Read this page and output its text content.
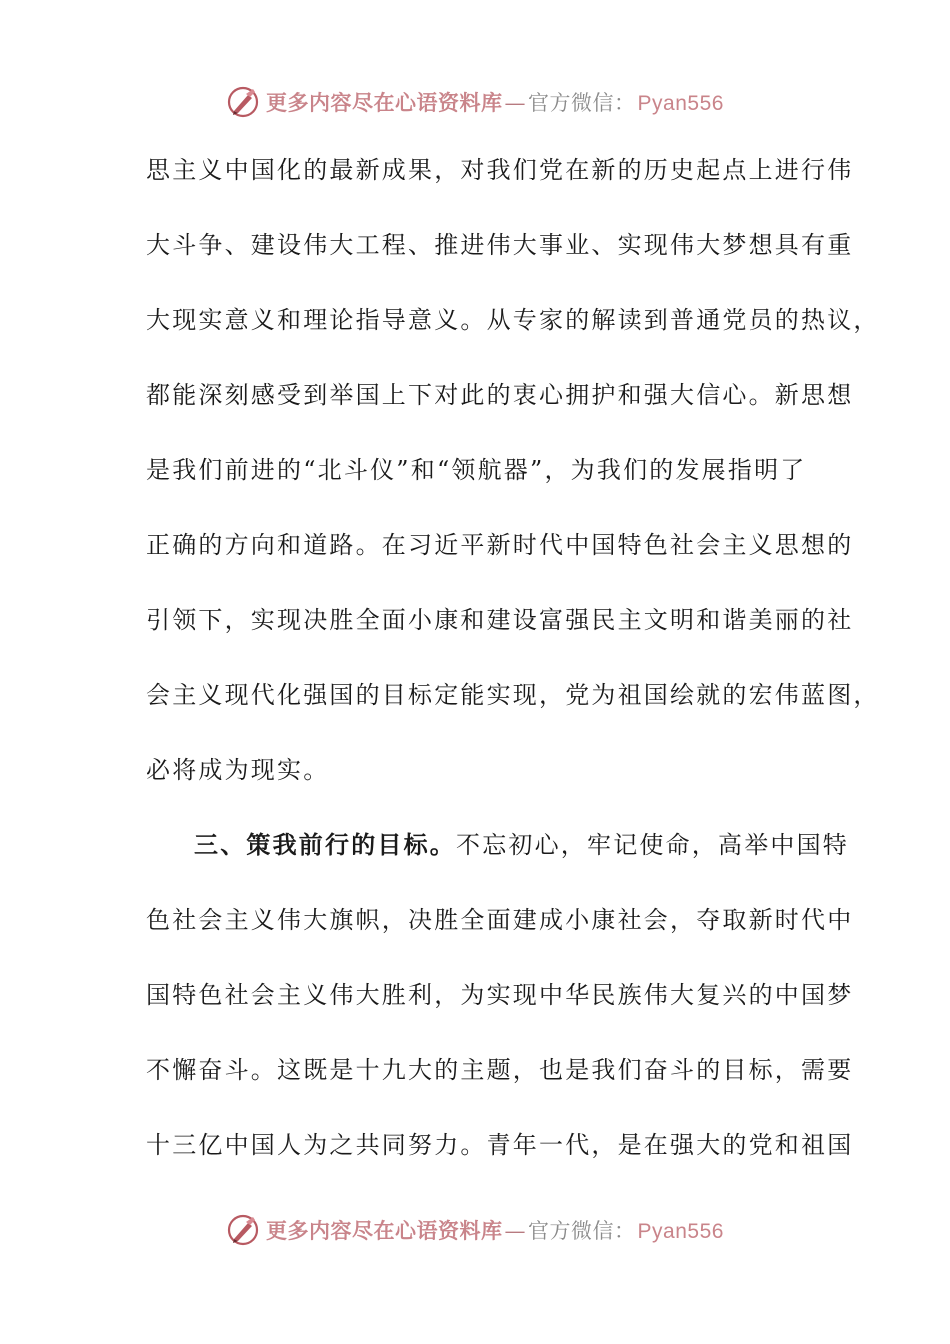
更多内容尽在心语资料库 — 官方微信： Pyan556
思主义中国化的最新成果，对我们党在新的历史起点上进行伟
大斗争、建设伟大工程、推进伟大事业、实现伟大梦想具有重
大现实意义和理论指导意义。从专家的解读到普通党员的热议，
都能深刻感受到举国上下对此的衷心拥护和强大信心。新思想
是我们前进的“北斗仪”和“领航器”，为我们的发展指明了
正确的方向和道路。在习近平新时代中国特色社会主义思想的
引领下，实现决胜全面小康和建设富强民主文明和谐美丽的社
会主义现代化强国的目标定能实现，党为祖国绘就的宏伟蓝图，
必将成为现实。
三、策我前行的目标。不忘初心，牢记使命，高举中国特
色社会主义伟大旗帜，决胜全面建成小康社会，夺取新时代中
国特色社会主义伟大胜利，为实现中华民族伟大复兴的中国梦
不懈奋斗。这既是十九大的主题，也是我们奋斗的目标，需要
十三亿中国人为之共同努力。青年一代，是在强大的党和祖国
更多内容尽在心语资料库 — 官方微信： Pyan556
